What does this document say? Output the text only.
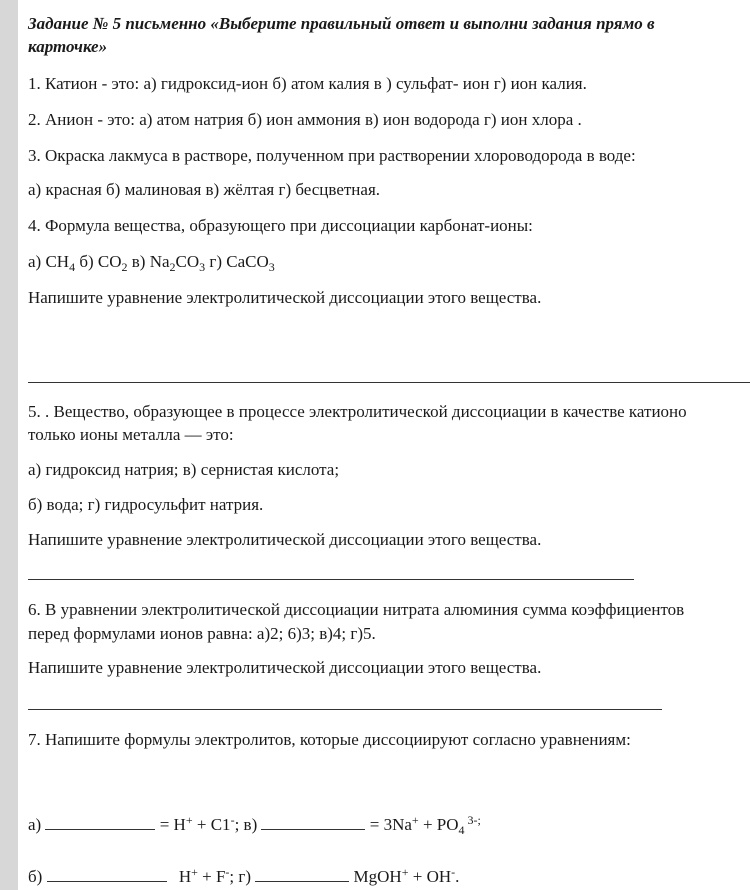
Задание № 5 письменно «Выберите правильный ответ и выполни задания прямо в
карточке»
1. Катион - это: а) гидроксид-ион б) атом калия в ) сульфат- ион г) ион калия.
2. Анион - это: а) атом натрия б) ион аммония в) ион водорода г) ион хлора .
3. Окраска лакмуса в растворе, полученном при растворении хлороводорода в воде:
а) красная б) малиновая в) жёлтая г) бесцветная.
4. Формула вещества, образующего при диссоциации карбонат-ионы:
а) $СН_4$ б) $СО_2$ в) $Na_2CO_3$ г) CaCO$_3$
Напишите уравнение электролитической диссоциации этого вещества.
5. . Вещество, образующее в процессе электролитической диссоциации в качестве катионо
только ионы металла — это:
а) гидроксид натрия; в) сернистая кислота;
б) вода; г) гидросульфит натрия.
Напишите уравнение электролитической диссоциации этого вещества.
6. В уравнении электролитической диссоциации нитрата алюминия сумма коэффициентов
перед формулами ионов равна: а)2; 6)3; в)4; г)5.
Напишите уравнение электролитической диссоциации этого вещества.
7. Напишите формулы электролитов, которые диссоциируют согласно уравнениям:
а)	= H+ + C1-; в)	= $3Na^+ + PO_4$ $^{3-;}$
б)	H+ + F-; г)	MgOH+ + OH-.
